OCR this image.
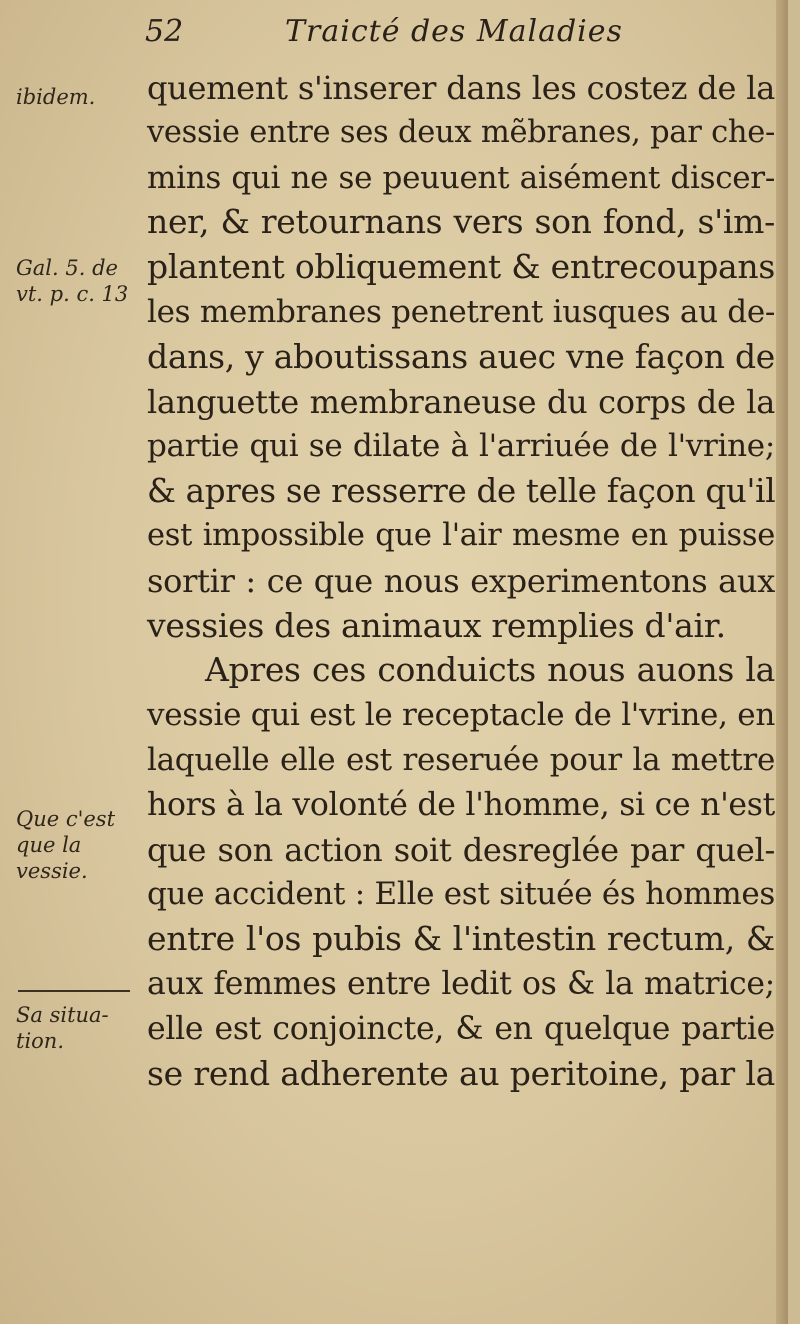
52	Traicté des Maladies
ibidem.
Gal. 5. de
vt. p. c. 13
Que c'est
que la
vessie.
Sa situa-
tion.
quement s'inserer dans les costez de la
vessie entre ses deux mẽbranes, par che-
mins qui ne se peuuent aisément discer-
ner, & retournans vers son fond, s'im-
plantent obliquement & entrecoupans
les membranes penetrent iusques au de-
dans, y aboutissans auec vne façon de
languette membraneuse du corps de la
partie qui se dilate à l'arriuée de l'vrine;
& apres se resserre de telle façon qu'il
est impossible que l'air mesme en puisse
sortir : ce que nous experimentons aux
vessies des animaux remplies d'air.
Apres ces conduicts nous auons la
vessie qui est le receptacle de l'vrine, en
laquelle elle est reseruée pour la mettre
hors à la volonté de l'homme, si ce n'est
que son action soit desreglée par quel-
que accident : Elle est située és hommes
entre l'os pubis & l'intestin rectum, &
aux femmes entre ledit os & la matrice;
elle est conjoincte, & en quelque partie
se rend adherente au peritoine, par la
